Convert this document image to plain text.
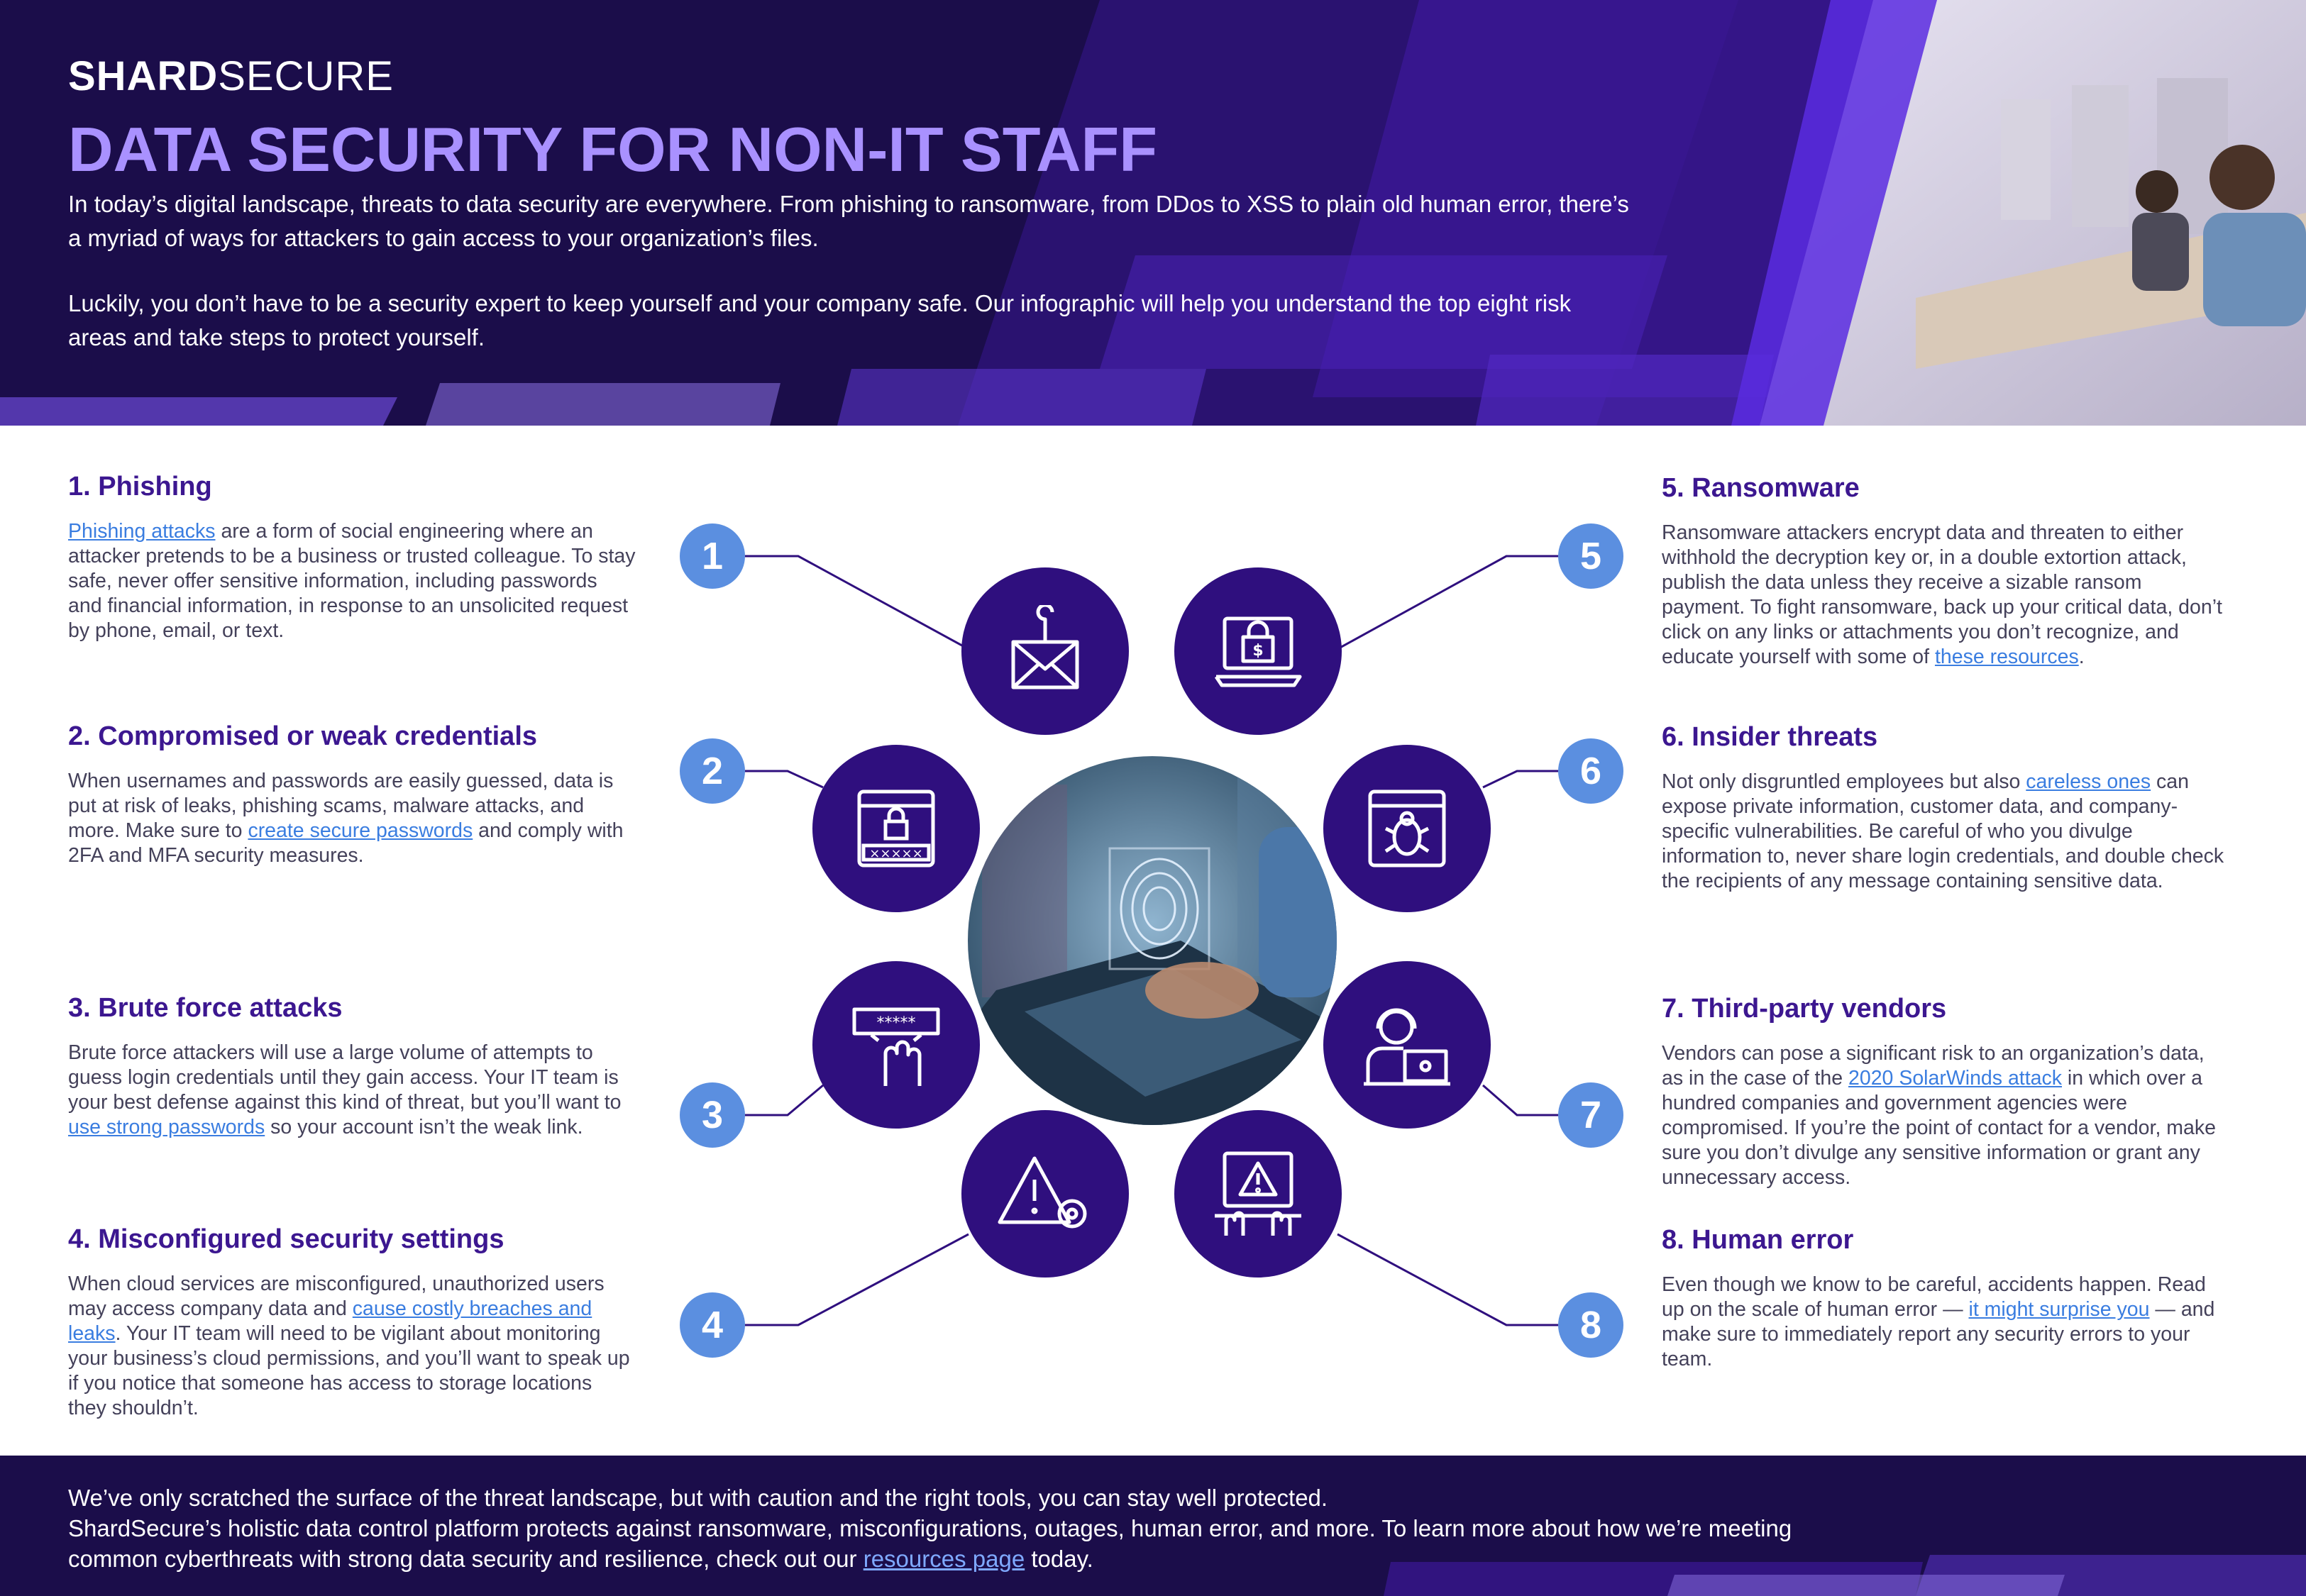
SHARDSECURE
DATA SECURITY FOR NON-IT STAFF

In today’s digital landscape, threats to data security are everywhere. From phishing to ransomware, from DDos to XSS to plain old human error, there’s a myriad of ways for attackers to gain access to your organization’s files.

Luckily, you don’t have to be a security expert to keep yourself and your company safe. Our infographic will help you understand the top eight risk areas and take steps to protect yourself.

1. Phishing

Phishing attacks are a form of social engineering where an attacker pretends to be a business or trusted colleague. To stay safe, never offer sensitive information, including passwords and financial information, in response to an unsolicited request by phone, email, or text.

2. Compromised or weak credentials

When usernames and passwords are easily guessed, data is put at risk of leaks, phishing scams, malware attacks, and more. Make sure to create secure passwords and comply with 2FA and MFA security measures.

3. Brute force attacks

Brute force attackers will use a large volume of attempts to guess login credentials until they gain access. Your IT team is your best defense against this kind of threat, but you’ll want to use strong passwords so your account isn’t the weak link.

4. Misconfigured security settings

When cloud services are misconfigured, unauthorized users may access company data and cause costly breaches and leaks. Your IT team will need to be vigilant about monitoring your business’s cloud permissions, and you’ll want to speak up if you notice that someone has access to storage locations they shouldn’t.

5. Ransomware

Ransomware attackers encrypt data and threaten to either withhold the decryption key or, in a double extortion attack, publish the data unless they receive a sizable ransom payment. To fight ransomware, back up your critical data, don’t click on any links or attachments you don’t recognize, and educate yourself with some of these resources.

6. Insider threats

Not only disgruntled employees but also careless ones can expose private information, customer data, and company-specific vulnerabilities. Be careful of who you divulge information to, never share login credentials, and double check the recipients of any message containing sensitive data.

7. Third-party vendors

Vendors can pose a significant risk to an organization’s data, as in the case of the 2020 SolarWinds attack in which over a hundred companies and government agencies were compromised. If you’re the point of contact for a vendor, make sure you don’t divulge any sensitive information or grant any unnecessary access.

8. Human error

Even though we know to be careful, accidents happen. Read up on the scale of human error — it might surprise you — and make sure to immediately report any security errors to your team.

1
2
3
4
5
6
7
8
×××××
*****
$

We’ve only scratched the surface of the threat landscape, but with caution and the right tools, you can stay well protected.

ShardSecure’s holistic data control platform protects against ransomware, misconfigurations, outages, human error, and more. To learn more about how we’re meeting common cyberthreats with strong data security and resilience, check out our resources page today.
